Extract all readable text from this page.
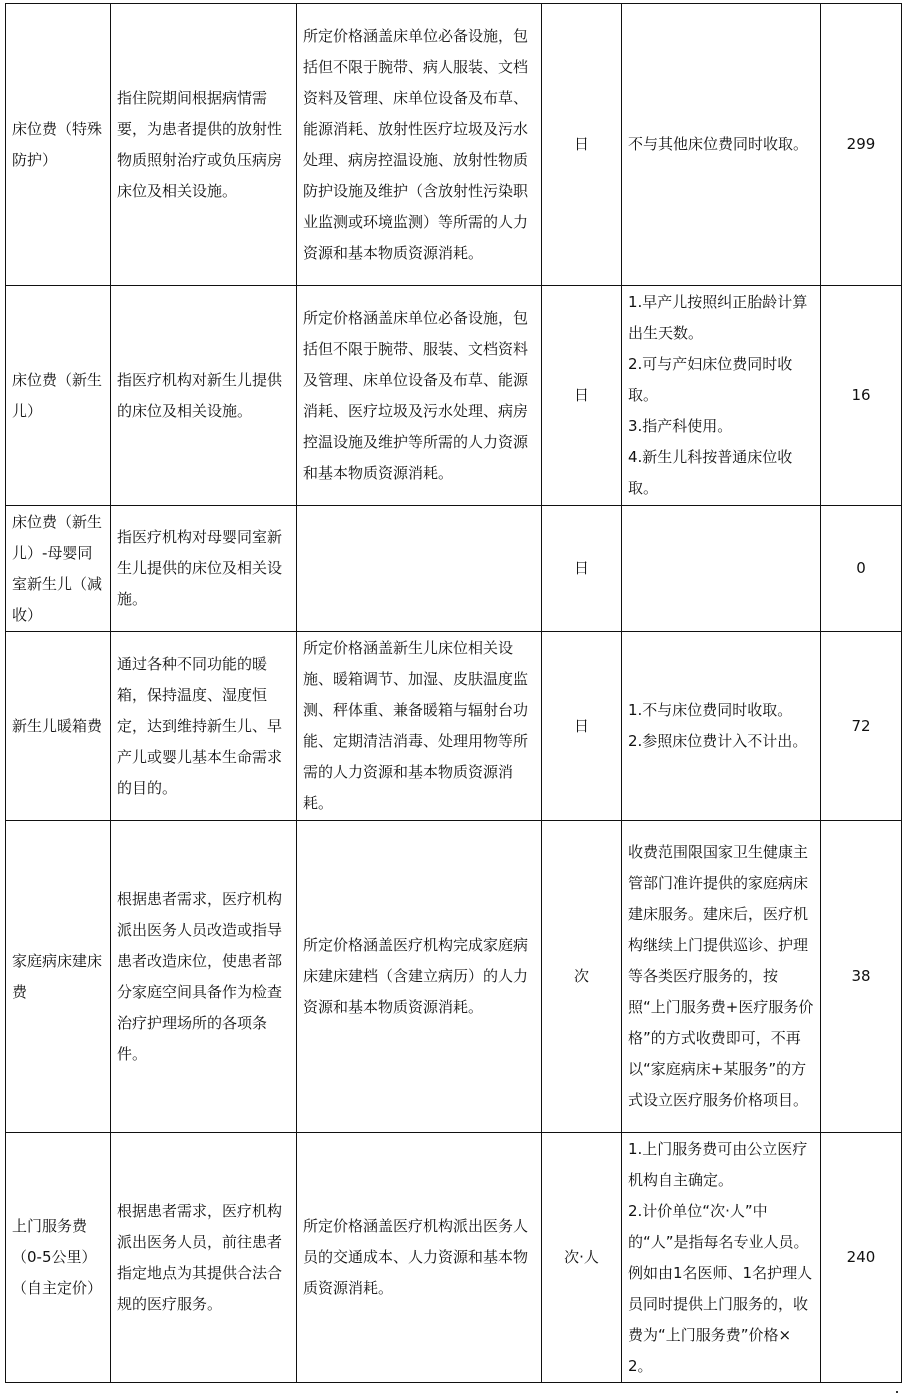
床位费（特殊防护）	指住院期间根据病情需要，为患者提供的放射性物质照射治疗或负压病房床位及相关设施。	所定价格涵盖床单位必备设施，包括但不限于腕带、病人服装、文档资料及管理、床单位设备及布草、能源消耗、放射性医疗垃圾及污水处理、病房控温设施、放射性物质防护设施及维护（含放射性污染职业监测或环境监测）等所需的人力资源和基本物质资源消耗。	日	不与其他床位费同时收取。	299
床位费（新生儿）	指医疗机构对新生儿提供的床位及相关设施。	所定价格涵盖床单位必备设施，包括但不限于腕带、服装、文档资料及管理、床单位设备及布草、能源消耗、医疗垃圾及污水处理、病房控温设施及维护等所需的人力资源和基本物质资源消耗。	日	1.早产儿按照纠正胎龄计算出生天数。
2.可与产妇床位费同时收取。
3.指产科使用。
4.新生儿科按普通床位收取。	16
床位费（新生儿）-母婴同室新生儿（减收）	指医疗机构对母婴同室新生儿提供的床位及相关设施。		日		0
新生儿暖箱费	通过各种不同功能的暖箱，保持温度、湿度恒定，达到维持新生儿、早产儿或婴儿基本生命需求的目的。	所定价格涵盖新生儿床位相关设施、暖箱调节、加湿、皮肤温度监测、秤体重、兼备暖箱与辐射台功能、定期清洁消毒、处理用物等所需的人力资源和基本物质资源消耗。	日	1.不与床位费同时收取。
2.参照床位费计入不计出。	72
家庭病床建床费	根据患者需求，医疗机构派出医务人员改造或指导患者改造床位，使患者部分家庭空间具备作为检查治疗护理场所的各项条件。	所定价格涵盖医疗机构完成家庭病床建床建档（含建立病历）的人力资源和基本物质资源消耗。	次	收费范围限国家卫生健康主管部门准许提供的家庭病床建床服务。建床后，医疗机构继续上门提供巡诊、护理等各类医疗服务的，按照“上门服务费+医疗服务价格”的方式收费即可，不再以“家庭病床+某服务”的方式设立医疗服务价格项目。	38
上门服务费（0-5公里）（自主定价）	根据患者需求，医疗机构派出医务人员，前往患者指定地点为其提供合法合规的医疗服务。	所定价格涵盖医疗机构派出医务人员的交通成本、人力资源和基本物质资源消耗。	次·人	1.上门服务费可由公立医疗机构自主确定。
2.计价单位“次·人”中的“人”是指每名专业人员。例如由1名医师、1名护理人员同时提供上门服务的，收费为“上门服务费”价格×2。	240
